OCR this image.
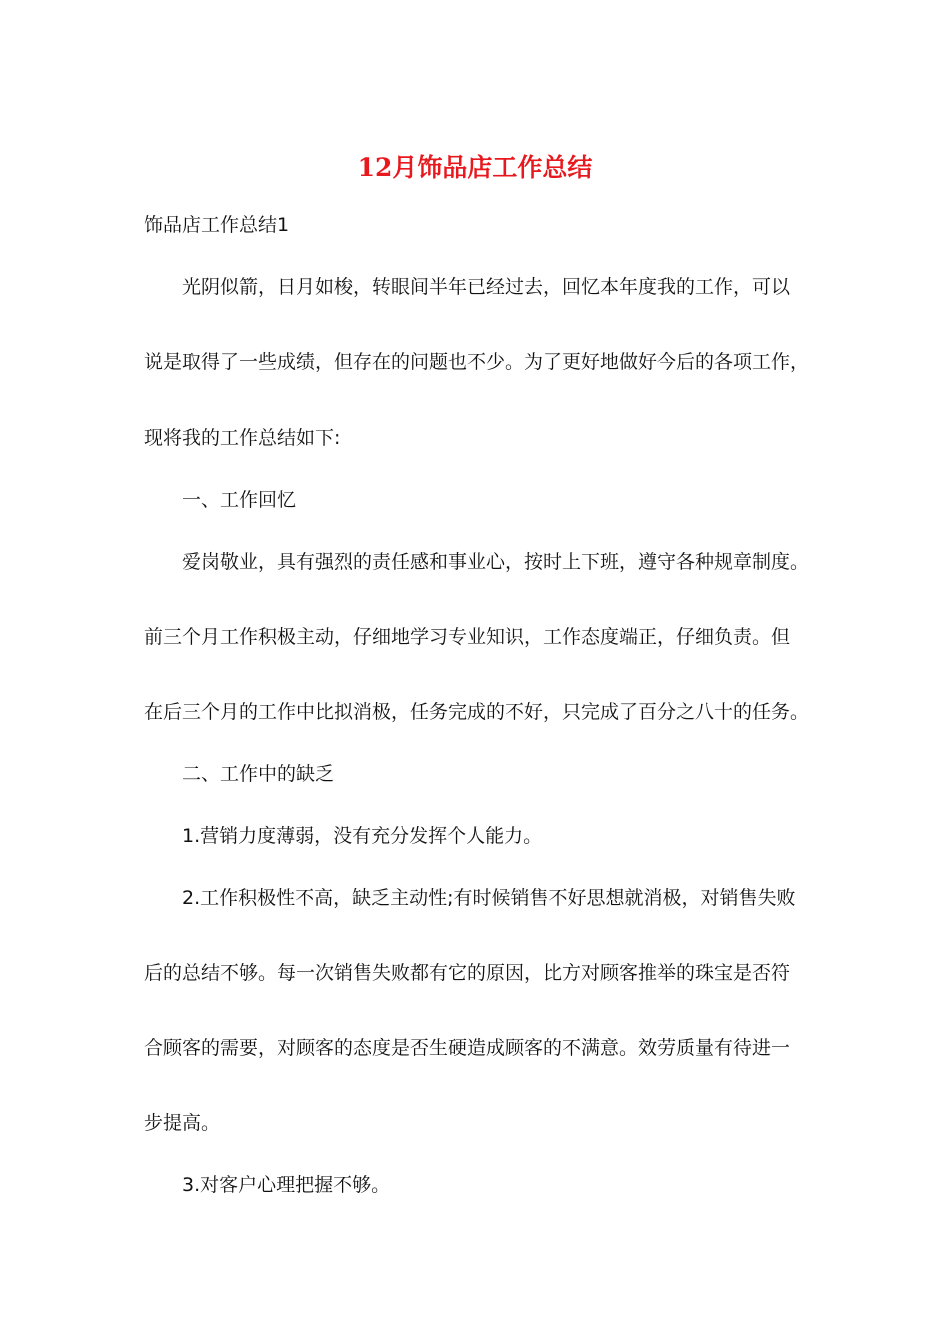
12月饰品店工作总结

饰品店工作总结1

光阴似箭，日月如梭，转眼间半年已经过去，回忆本年度我的工作，可以

说是取得了一些成绩，但存在的问题也不少。为了更好地做好今后的各项工作，

现将我的工作总结如下:

一、工作回忆

爱岗敬业，具有强烈的责任感和事业心，按时上下班，遵守各种规章制度。

前三个月工作积极主动，仔细地学习专业知识，工作态度端正，仔细负责。但

在后三个月的工作中比拟消极，任务完成的不好，只完成了百分之八十的任务。

二、工作中的缺乏

1.营销力度薄弱，没有充分发挥个人能力。

2.工作积极性不高，缺乏主动性;有时候销售不好思想就消极，对销售失败

后的总结不够。每一次销售失败都有它的原因，比方对顾客推举的珠宝是否符

合顾客的需要，对顾客的态度是否生硬造成顾客的不满意。效劳质量有待进一

步提高。

3.对客户心理把握不够。
